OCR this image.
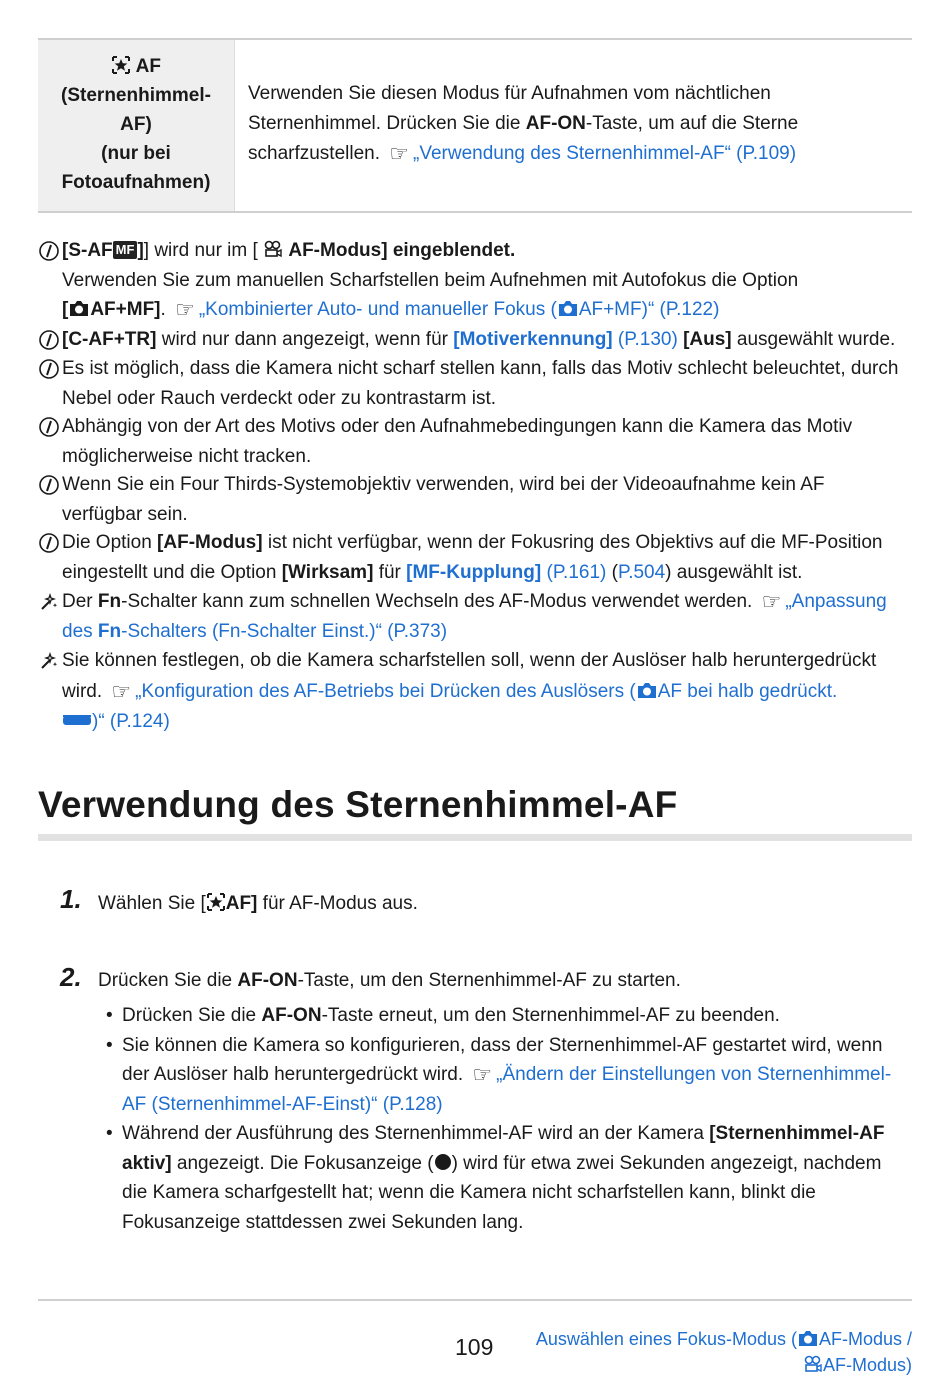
AF
(Sternenhimmel-AF)
(nur bei Fotoaufnahmen)
Verwenden Sie diesen Modus für Aufnahmen vom nächtlichen Sternenhimmel. Drücken Sie die AF-ON-Taste, um auf die Sterne scharfzustellen. ☞ „Verwendung des Sternenhimmel-AF“ (P.109)
[S-AF MF ]] wird nur im [ AF-Modus] eingeblendet.
Verwenden Sie zum manuellen Scharfstellen beim Aufnehmen mit Autofokus die Option
[ AF+MF]. ☞ „Kombinierter Auto- und manueller Fokus ( AF+MF)“ (P.122)
[C-AF+TR] wird nur dann angezeigt, wenn für [Motiverkennung] (P.130) [Aus] ausgewählt wurde.
Es ist möglich, dass die Kamera nicht scharf stellen kann, falls das Motiv schlecht beleuchtet, durch Nebel oder Rauch verdeckt oder zu kontrastarm ist.
Abhängig von der Art des Motivs oder den Aufnahmebedingungen kann die Kamera das Motiv möglicherweise nicht tracken.
Wenn Sie ein Four Thirds-Systemobjektiv verwenden, wird bei der Videoaufnahme kein AF verfügbar sein.
Die Option [AF-Modus] ist nicht verfügbar, wenn der Fokusring des Objektivs auf die MF-Position eingestellt und die Option [Wirksam] für [MF-Kupplung] (P.161) (P.504) ausgewählt ist.
Der Fn-Schalter kann zum schnellen Wechseln des AF-Modus verwendet werden. ☞ „Anpassung des Fn-Schalters (Fn-Schalter Einst.)“ (P.373)
Sie können festlegen, ob die Kamera scharfstellen soll, wenn der Auslöser halb heruntergedrückt wird. ☞ „Konfiguration des AF-Betriebs bei Drücken des Auslösers ( AF bei halb gedrückt.
)“ (P.124)
Verwendung des Sternenhimmel-AF
1. Wählen Sie [ AF] für AF-Modus aus.
2. Drücken Sie die AF-ON-Taste, um den Sternenhimmel-AF zu starten.
• Drücken Sie die AF-ON-Taste erneut, um den Sternenhimmel-AF zu beenden.
• Sie können die Kamera so konfigurieren, dass der Sternenhimmel-AF gestartet wird, wenn der Auslöser halb heruntergedrückt wird. ☞ „Ändern der Einstellungen von Sternenhimmel-AF (Sternenhimmel-AF-Einst)“ (P.128)
• Während der Ausführung des Sternenhimmel-AF wird an der Kamera [Sternenhimmel-AF aktiv] angezeigt. Die Fokusanzeige ( ) wird für etwa zwei Sekunden angezeigt, nachdem die Kamera scharfgestellt hat; wenn die Kamera nicht scharfstellen kann, blinkt die Fokusanzeige stattdessen zwei Sekunden lang.
109	Auswählen eines Fokus-Modus ( AF-Modus /
AF-Modus)
